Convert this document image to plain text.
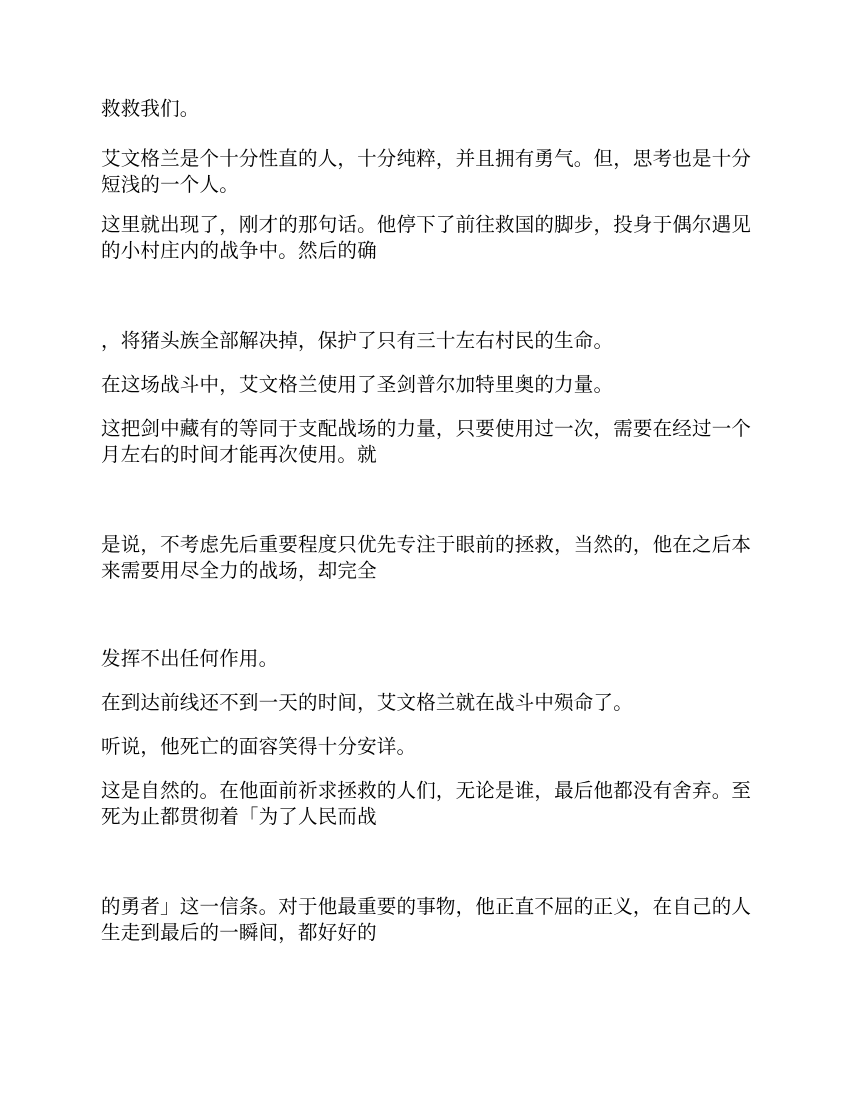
救救我们。

艾文格兰是个十分性直的人，十分纯粹，并且拥有勇气。但，思考也是十分短浅的一个人。

这里就出现了，刚才的那句话。他停下了前往救国的脚步，投身于偶尔遇见的小村庄内的战争中。然后的确

，将猪头族全部解决掉，保护了只有三十左右村民的生命。

在这场战斗中，艾文格兰使用了圣剑普尔加特里奥的力量。

这把剑中藏有的等同于支配战场的力量，只要使用过一次，需要在经过一个月左右的时间才能再次使用。就

是说，不考虑先后重要程度只优先专注于眼前的拯救，当然的，他在之后本来需要用尽全力的战场，却完全

发挥不出任何作用。

在到达前线还不到一天的时间，艾文格兰就在战斗中殒命了。

听说，他死亡的面容笑得十分安详。

这是自然的。在他面前祈求拯救的人们，无论是谁，最后他都没有舍弃。至死为止都贯彻着「为了人民而战

的勇者」这一信条。对于他最重要的事物，他正直不屈的正义，在自己的人生走到最后的一瞬间，都好好的
